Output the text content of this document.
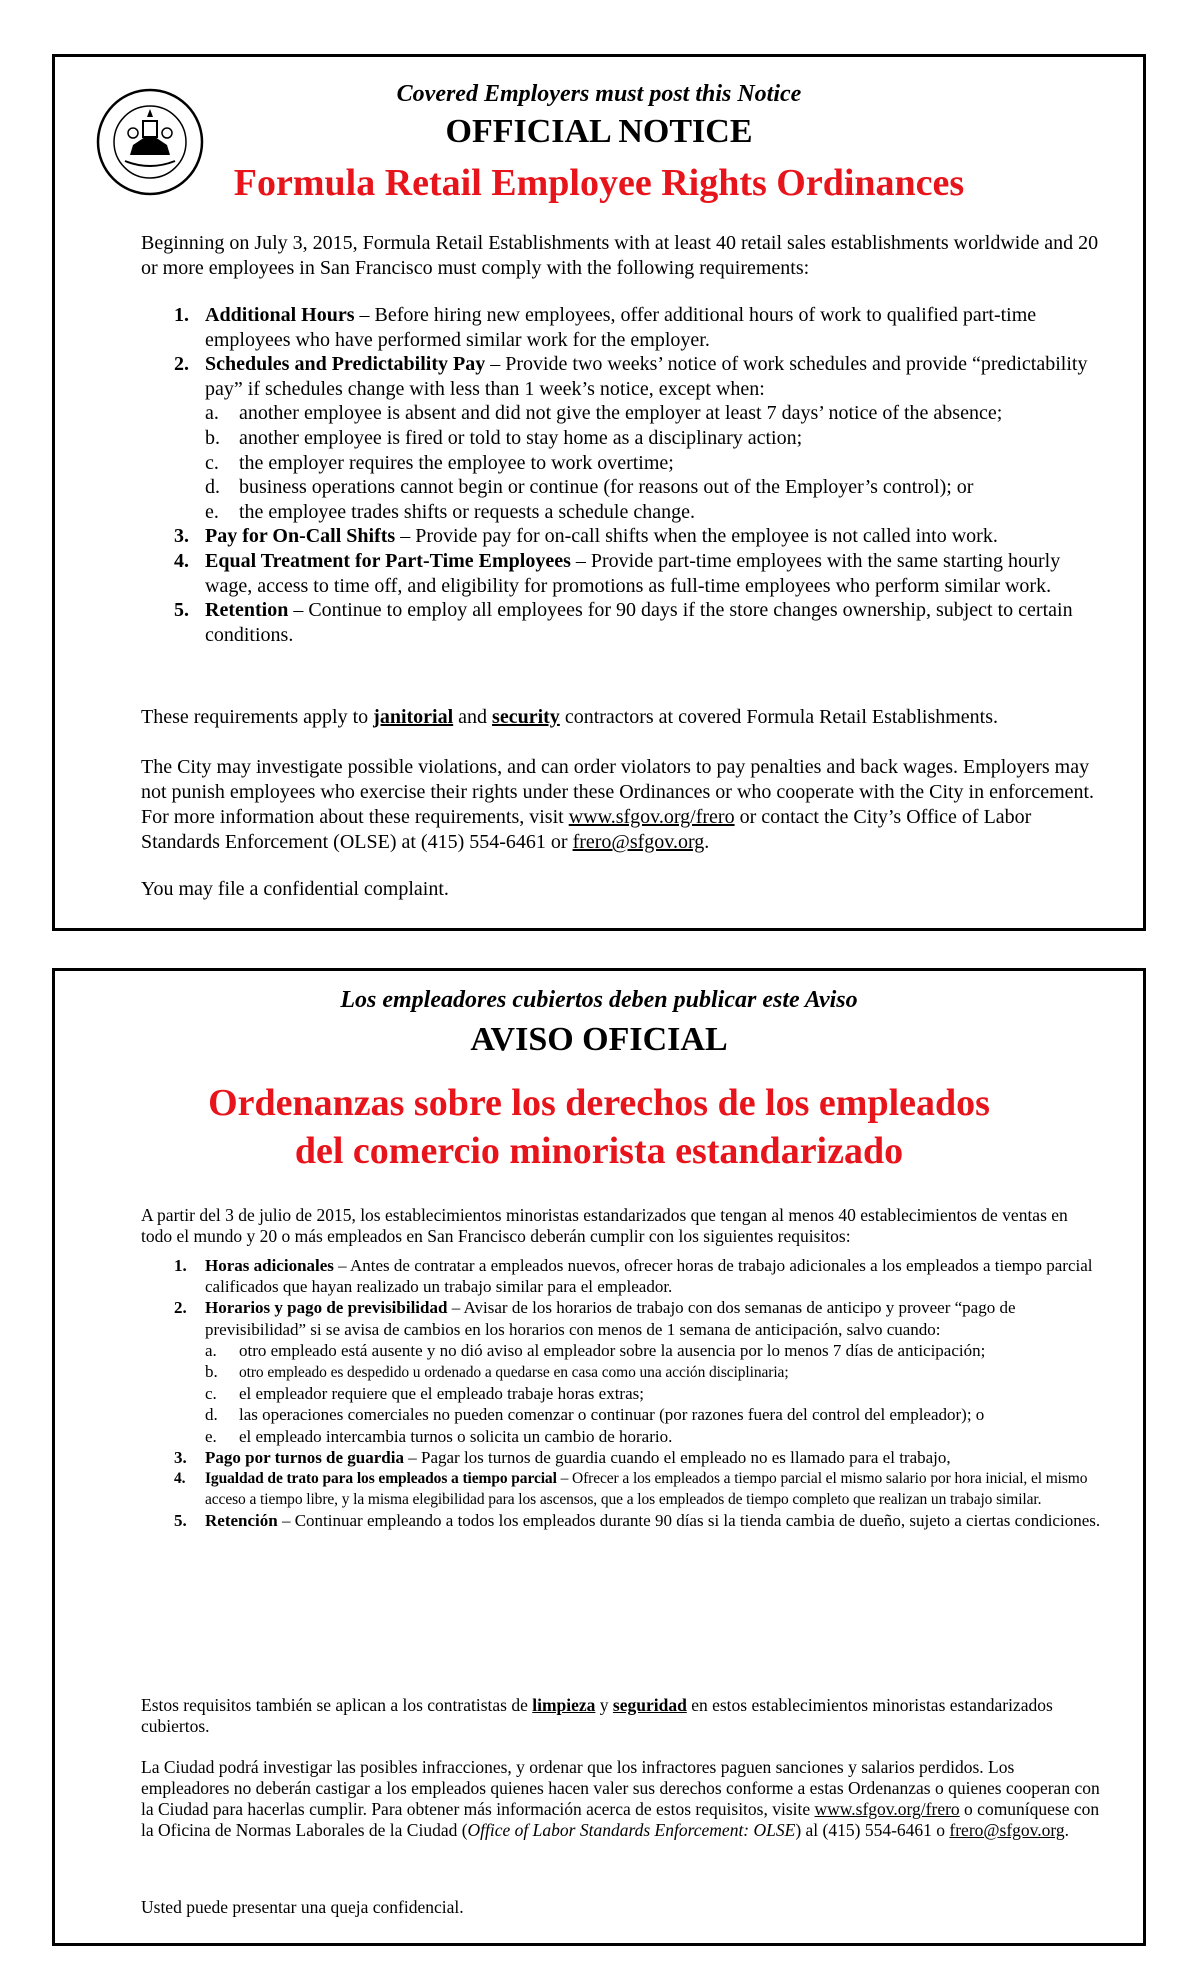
Covered Employers must post this Notice
OFFICIAL NOTICE
Formula Retail Employee Rights Ordinances
Beginning on July 3, 2015, Formula Retail Establishments with at least 40 retail sales establishments worldwide and 20 or more employees in San Francisco must comply with the following requirements:
1. Additional Hours – Before hiring new employees, offer additional hours of work to qualified part-time employees who have performed similar work for the employer.
2. Schedules and Predictability Pay – Provide two weeks’ notice of work schedules and provide “predictability pay” if schedules change with less than 1 week’s notice, except when:
a. another employee is absent and did not give the employer at least 7 days’ notice of the absence;
b. another employee is fired or told to stay home as a disciplinary action;
c. the employer requires the employee to work overtime;
d. business operations cannot begin or continue (for reasons out of the Employer’s control); or
e. the employee trades shifts or requests a schedule change.
3. Pay for On-Call Shifts – Provide pay for on-call shifts when the employee is not called into work.
4. Equal Treatment for Part-Time Employees – Provide part-time employees with the same starting hourly wage, access to time off, and eligibility for promotions as full-time employees who perform similar work.
5. Retention – Continue to employ all employees for 90 days if the store changes ownership, subject to certain conditions.
These requirements apply to janitorial and security contractors at covered Formula Retail Establishments.
The City may investigate possible violations, and can order violators to pay penalties and back wages. Employers may not punish employees who exercise their rights under these Ordinances or who cooperate with the City in enforcement. For more information about these requirements, visit www.sfgov.org/frero or contact the City’s Office of Labor Standards Enforcement (OLSE) at (415) 554-6461 or frero@sfgov.org.
You may file a confidential complaint.
Los empleadores cubiertos deben publicar este Aviso
AVISO OFICIAL
Ordenanzas sobre los derechos de los empleados
del comercio minorista estandarizado
A partir del 3 de julio de 2015, los establecimientos minoristas estandarizados que tengan al menos 40 establecimientos de ventas en todo el mundo y 20 o más empleados en San Francisco deberán cumplir con los siguientes requisitos:
1. Horas adicionales – Antes de contratar a empleados nuevos, ofrecer horas de trabajo adicionales a los empleados a tiempo parcial calificados que hayan realizado un trabajo similar para el empleador.
2. Horarios y pago de previsibilidad – Avisar de los horarios de trabajo con dos semanas de anticipo y proveer “pago de previsibilidad” si se avisa de cambios en los horarios con menos de 1 semana de anticipación, salvo cuando:
a. otro empleado está ausente y no dió aviso al empleador sobre la ausencia por lo menos 7 días de anticipación;
b. otro empleado es despedido u ordenado a quedarse en casa como una acción disciplinaria;
c. el empleador requiere que el empleado trabaje horas extras;
d. las operaciones comerciales no pueden comenzar o continuar (por razones fuera del control del empleador); o
e. el empleado intercambia turnos o solicita un cambio de horario.
3. Pago por turnos de guardia – Pagar los turnos de guardia cuando el empleado no es llamado para el trabajo,
4. Igualdad de trato para los empleados a tiempo parcial – Ofrecer a los empleados a tiempo parcial el mismo salario por hora inicial, el mismo acceso a tiempo libre, y la misma elegibilidad para los ascensos, que a los empleados de tiempo completo que realizan un trabajo similar.
5. Retención – Continuar empleando a todos los empleados durante 90 días si la tienda cambia de dueño, sujeto a ciertas condiciones.
Estos requisitos también se aplican a los contratistas de limpieza y seguridad en estos establecimientos minoristas estandarizados cubiertos.
La Ciudad podrá investigar las posibles infracciones, y ordenar que los infractores paguen sanciones y salarios perdidos. Los empleadores no deberán castigar a los empleados quienes hacen valer sus derechos conforme a estas Ordenanzas o quienes cooperan con la Ciudad para hacerlas cumplir. Para obtener más información acerca de estos requisitos, visite www.sfgov.org/frero o comuníquese con la Oficina de Normas Laborales de la Ciudad (Office of Labor Standards Enforcement: OLSE) al (415) 554-6461 o frero@sfgov.org.
Usted puede presentar una queja confidencial.
